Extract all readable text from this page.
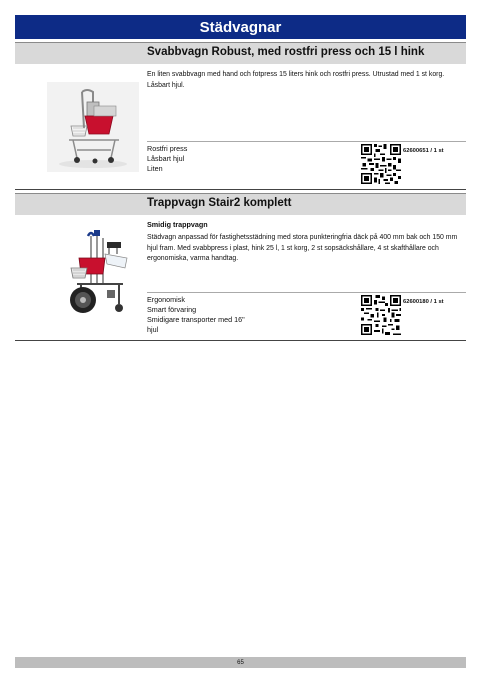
Städvagnar
Svabbvagn Robust, med rostfri press och 15 l hink
En liten svabbvagn med hand och fotpress 15 liters hink och rostfri press. Utrustad med 1 st korg. Låsbart hjul.
Rostfri press
Låsbart hjul
Liten
62600651 / 1 st
Trappvagn Stair2 komplett
Smidig trappvagn
Städvagn anpassad för fastighetsstädning med stora punkteringfria däck på 400 mm bak och 150 mm hjul fram. Med svabbpress i plast, hink 25 l, 1 st korg, 2 st sopsäckshållare, 4 st skafthållare och ergonomiska, varma handtag.
Ergonomisk
Smart förvaring
Smidigare transporter med 16"
hjul
62600180 / 1 st
65
